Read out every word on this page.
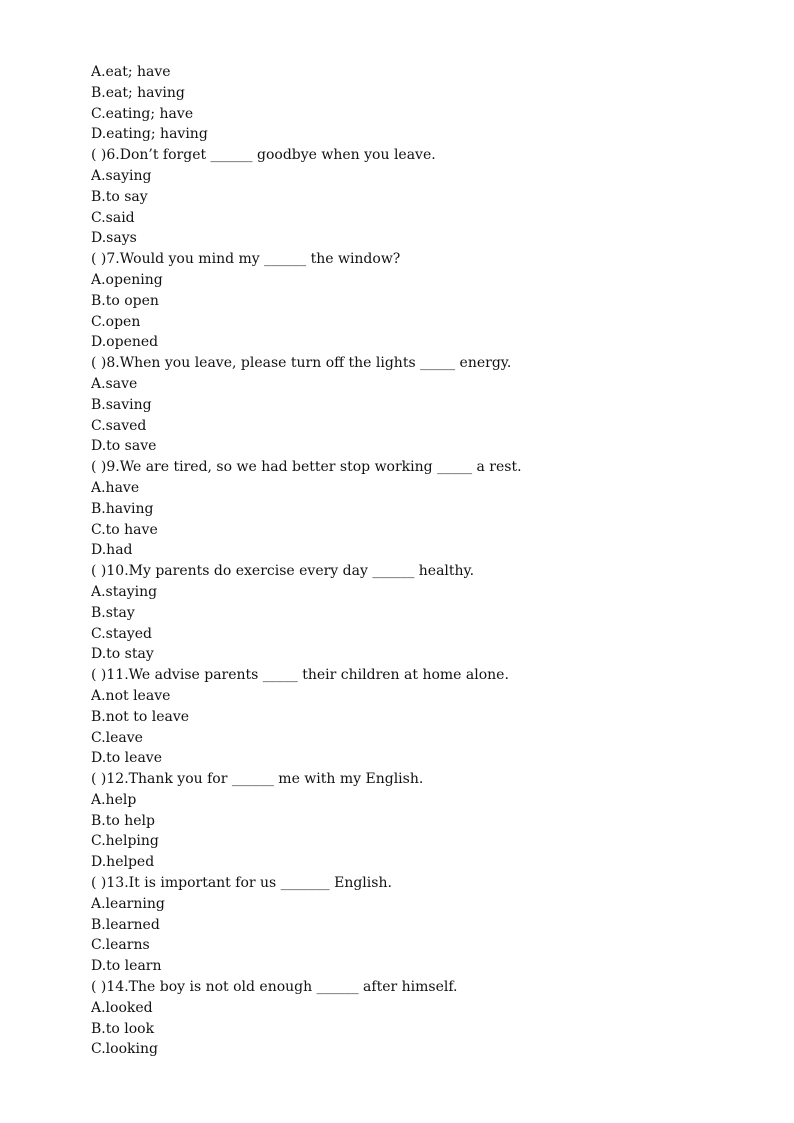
A.eat; have
B.eat; having
C.eating; have
D.eating; having
( )6.Don’t forget ______ goodbye when you leave.
A.saying
B.to say
C.said
D.says
( )7.Would you mind my ______ the window?
A.opening
B.to open
C.open
D.opened
( )8.When you leave, please turn off the lights _____ energy.
A.save
B.saving
C.saved
D.to save
( )9.We are tired, so we had better stop working _____ a rest.
A.have
B.having
C.to have
D.had
( )10.My parents do exercise every day ______ healthy.
A.staying
B.stay
C.stayed
D.to stay
( )11.We advise parents _____ their children at home alone.
A.not leave
B.not to leave
C.leave
D.to leave
( )12.Thank you for ______ me with my English.
A.help
B.to help
C.helping
D.helped
( )13.It is important for us _______ English.
A.learning
B.learned
C.learns
D.to learn
( )14.The boy is not old enough ______ after himself.
A.looked
B.to look
C.looking
